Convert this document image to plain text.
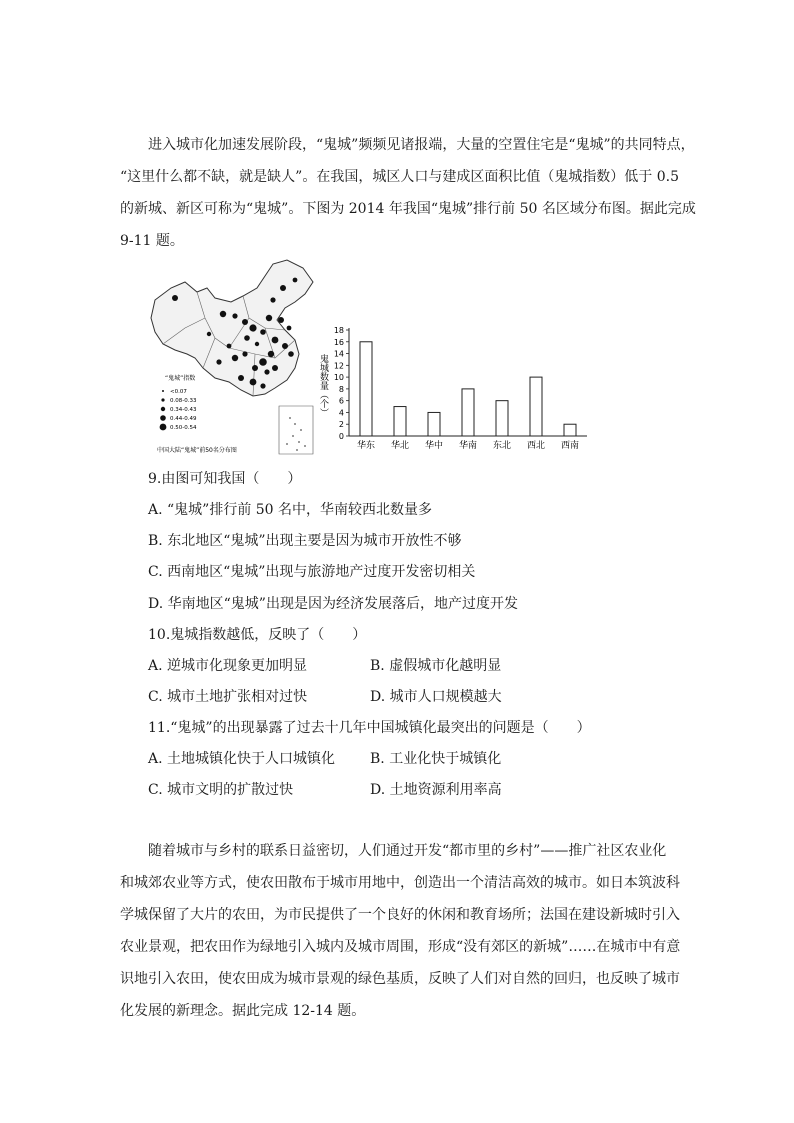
进入城市化加速发展阶段，“鬼城”频频见诸报端，大量的空置住宅是“鬼城”的共同特点，
“这里什么都不缺，就是缺人”。在我国，城区人口与建成区面积比值（鬼城指数）低于 0.5
的新城、新区可称为“鬼城”。下图为 2014 年我国“鬼城”排行前 50 名区域分布图。据此完成
9-11 题。
“鬼城”指数
<0.07
0.08-0.33
0.34-0.43
0.44-0.49
0.50-0.54
中国大陆“鬼城”前50名分布图
鬼城数量（个）
0
2
4
6
8
10
12
14
16
18
华东 华北 华中 华南 东北 西北 西南

9.由图可知我国（　　）

A. “鬼城”排行前 50 名中，华南较西北数量多

B. 东北地区“鬼城”出现主要是因为城市开放性不够

C. 西南地区“鬼城”出现与旅游地产过度开发密切相关

D. 华南地区“鬼城”出现是因为经济发展落后，地产过度开发

10.鬼城指数越低，反映了（　　）

A. 逆城市化现象更加明显	B. 虚假城市化越明显

C. 城市土地扩张相对过快	D. 城市人口规模越大

11.“鬼城”的出现暴露了过去十几年中国城镇化最突出的问题是（　　）

A. 土地城镇化快于人口城镇化 B. 工业化快于城镇化

C. 城市文明的扩散过快	D. 土地资源利用率高

随着城市与乡村的联系日益密切，人们通过开发“都市里的乡村”——推广社区农业化
和城郊农业等方式，使农田散布于城市用地中，创造出一个清洁高效的城市。如日本筑波科
学城保留了大片的农田，为市民提供了一个良好的休闲和教育场所；法国在建设新城时引入
农业景观，把农田作为绿地引入城内及城市周围，形成“没有郊区的新城”……在城市中有意
识地引入农田，使农田成为城市景观的绿色基质，反映了人们对自然的回归，也反映了城市
化发展的新理念。据此完成 12-14 题。
